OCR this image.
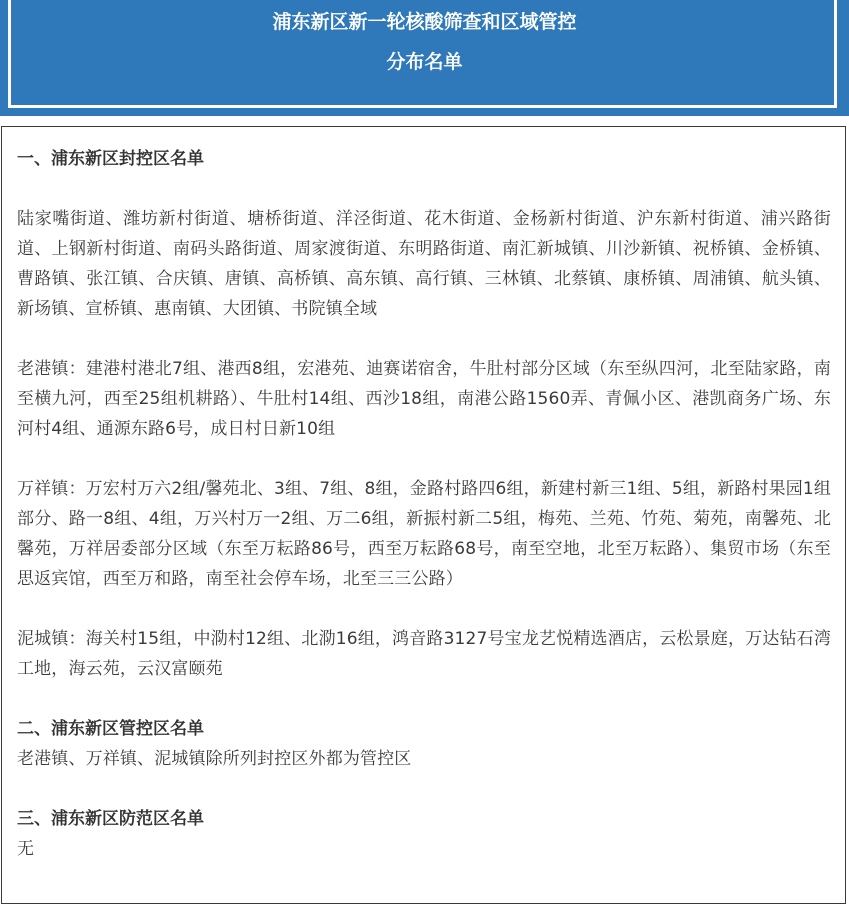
浦东新区新一轮核酸筛查和区域管控
分布名单
一、浦东新区封控区名单
陆家嘴街道、潍坊新村街道、塘桥街道、洋泾街道、花木街道、金杨新村街道、沪东新村街道、浦兴路街道、上钢新村街道、南码头路街道、周家渡街道、东明路街道、南汇新城镇、川沙新镇、祝桥镇、金桥镇、曹路镇、张江镇、合庆镇、唐镇、高桥镇、高东镇、高行镇、三林镇、北蔡镇、康桥镇、周浦镇、航头镇、新场镇、宣桥镇、惠南镇、大团镇、书院镇全域
老港镇：建港村港北7组、港西8组，宏港苑、迪赛诺宿舍，牛肚村部分区域（东至纵四河，北至陆家路，南至横九河，西至25组机耕路）、牛肚村14组、西沙18组，南港公路1560弄、青佩小区、港凯商务广场、东河村4组、通源东路6号，成日村日新10组
万祥镇：万宏村万六2组/馨苑北、3组、7组、8组，金路村路四6组，新建村新三1组、5组，新路村果园1组部分、路一8组、4组，万兴村万一2组、万二6组，新振村新二5组，梅苑、兰苑、竹苑、菊苑，南馨苑、北馨苑，万祥居委部分区域（东至万耘路86号，西至万耘路68号，南至空地，北至万耘路）、集贸市场（东至思返宾馆，西至万和路，南至社会停车场，北至三三公路）
泥城镇：海关村15组，中泐村12组、北泐16组，鸿音路3127号宝龙艺悦精选酒店，云松景庭，万达钻石湾工地，海云苑，云汉富颐苑
二、浦东新区管控区名单
老港镇、万祥镇、泥城镇除所列封控区外都为管控区
三、浦东新区防范区名单
无
